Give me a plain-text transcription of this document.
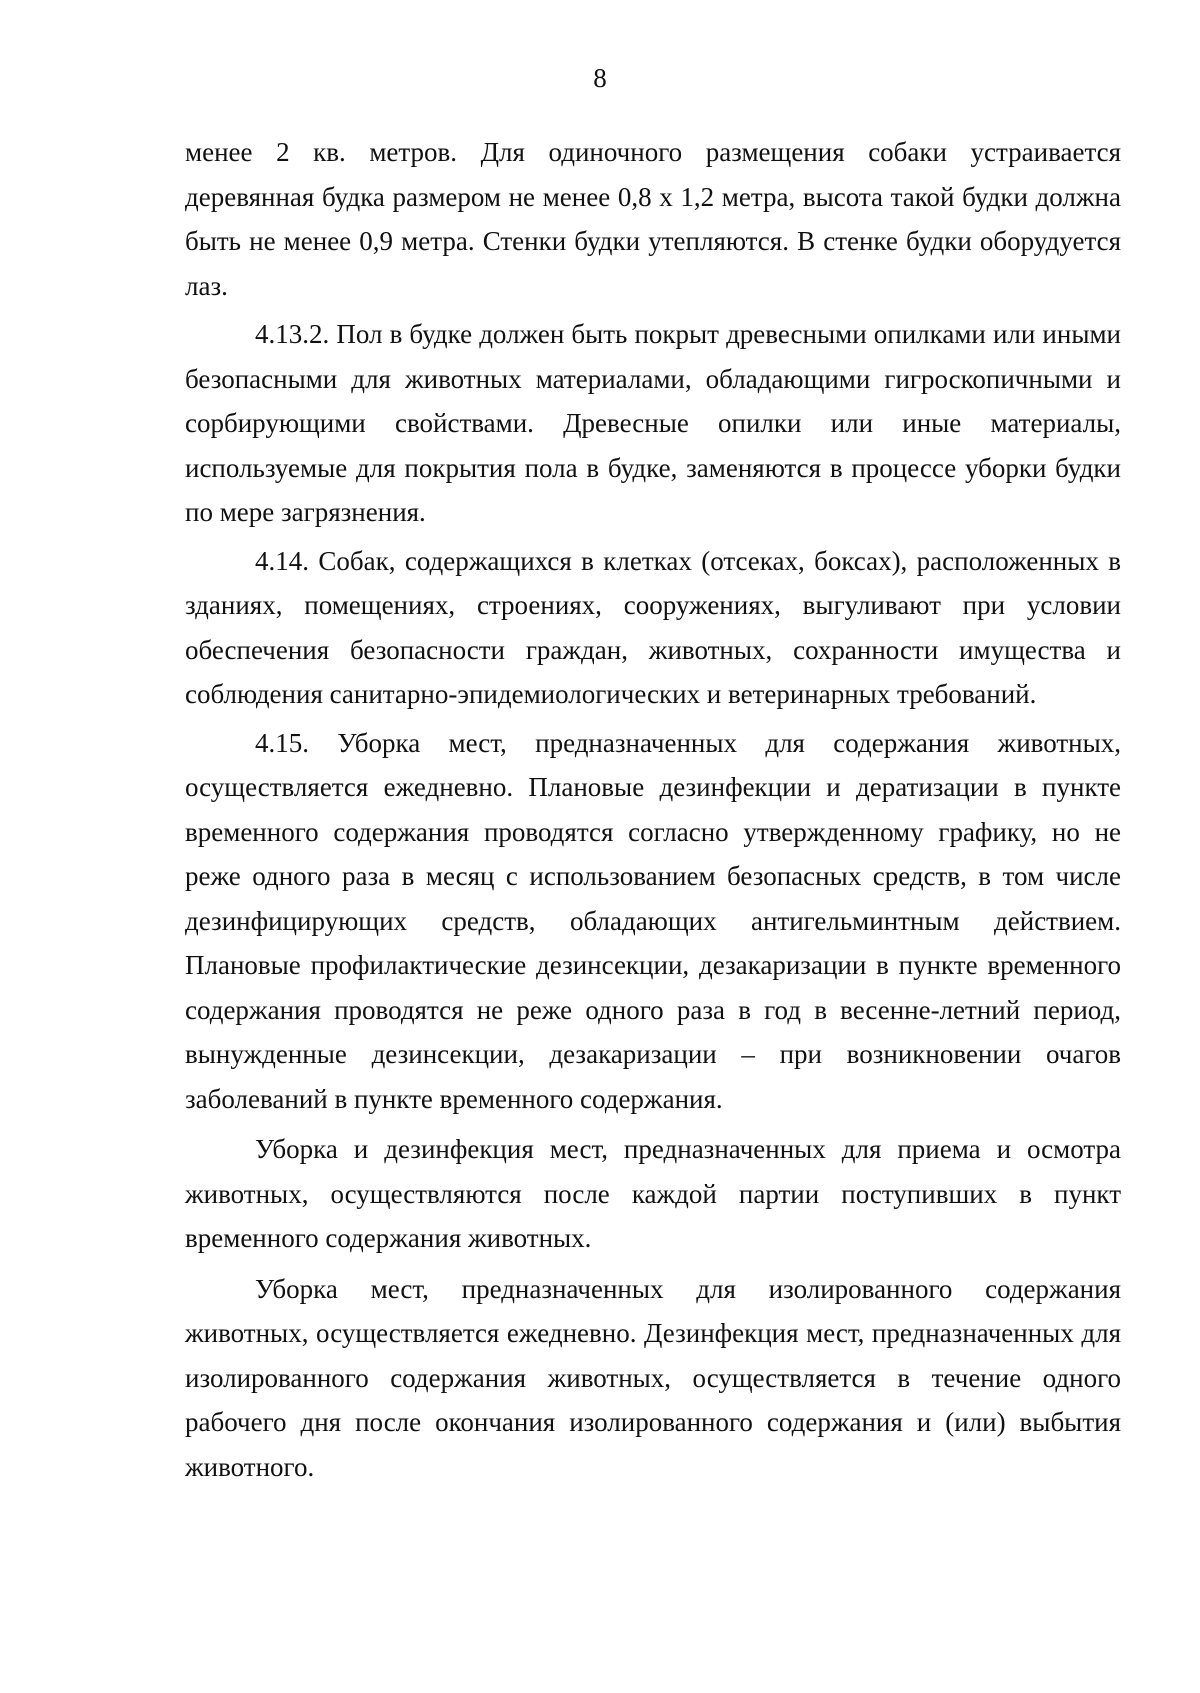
8

менее 2 кв. метров. Для одиночного размещения собаки устраивается деревянная будка размером не менее 0,8 х 1,2 метра, высота такой будки должна быть не менее 0,9 метра. Стенки будки утепляются. В стенке будки оборудуется лаз.

4.13.2. Пол в будке должен быть покрыт древесными опилками или иными безопасными для животных материалами, обладающими гигроскопичными и сорбирующими свойствами. Древесные опилки или иные материалы, используемые для покрытия пола в будке, заменяются в процессе уборки будки по мере загрязнения.

4.14. Собак, содержащихся в клетках (отсеках, боксах), расположенных в зданиях, помещениях, строениях, сооружениях, выгуливают при условии обеспечения безопасности граждан, животных, сохранности имущества и соблюдения санитарно-эпидемиологических и ветеринарных требований.

4.15. Уборка мест, предназначенных для содержания животных, осуществляется ежедневно. Плановые дезинфекции и дератизации в пункте временного содержания проводятся согласно утвержденному графику, но не реже одного раза в месяц с использованием безопасных средств, в том числе дезинфицирующих средств, обладающих антигельминтным действием. Плановые профилактические дезинсекции, дезакаризации в пункте временного содержания проводятся не реже одного раза в год в весенне-летний период, вынужденные дезинсекции, дезакаризации – при возникновении очагов заболеваний в пункте временного содержания.

Уборка и дезинфекция мест, предназначенных для приема и осмотра животных, осуществляются после каждой партии поступивших в пункт временного содержания животных.

Уборка мест, предназначенных для изолированного содержания животных, осуществляется ежедневно. Дезинфекция мест, предназначенных для изолированного содержания животных, осуществляется в течение одного рабочего дня после окончания изолированного содержания и (или) выбытия животного.
